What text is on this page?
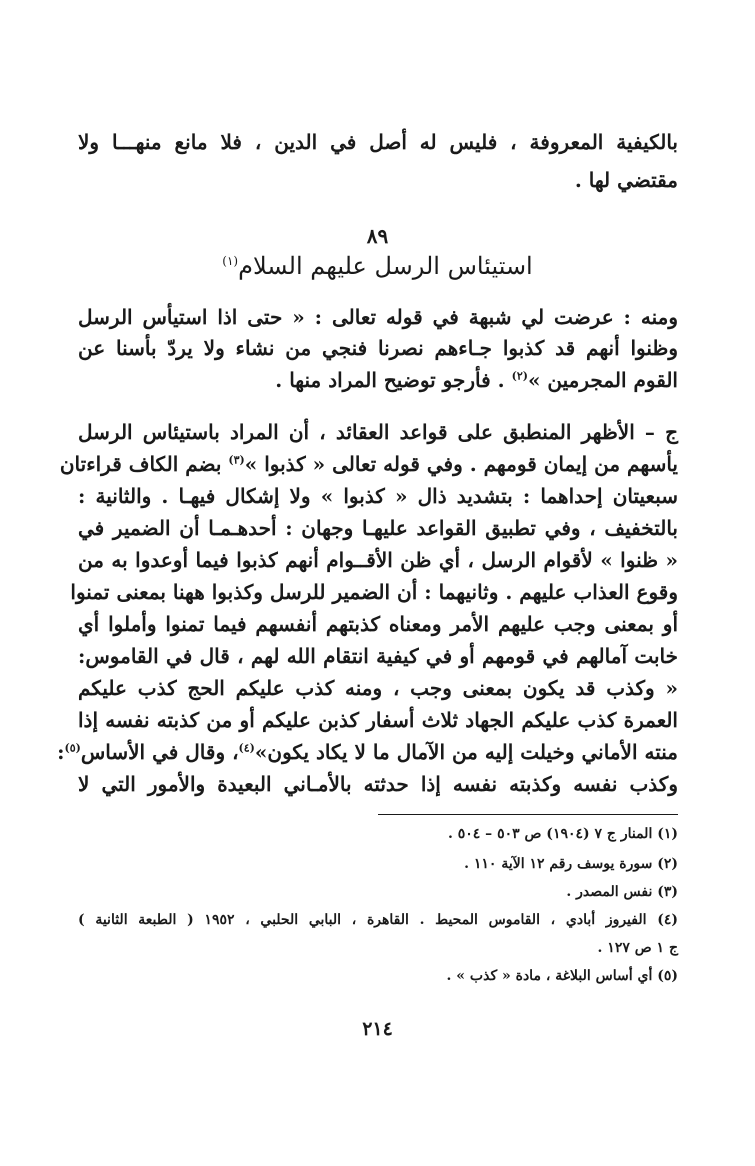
بالكيفية المعروفة ، فليس له أصل في الدين ، فلا مانع منهـــا ولا
مقتضي لها .
٨٩
استيئاس الرسل عليهم السلام$^{(١)}$
ومنه : عرضت لي شبهة في قوله تعالى : « حتى اذا استيأس الرسل
وظنوا أنهم قد كذبوا جـاءهم نصرنا فنجي من نشاء ولا يردّ بأسنا عن
القوم المجرمين »$^{(٢)}$ . فأرجو توضيح المراد منها .
ج – الأظهر المنطبق على قواعد العقائد ، أن المراد باستيئاس الرسل
يأسهم من إيمان قومهم . وفي قوله تعالى « كذبوا »$^{(٣)}$ بضم الكاف قراءتان
سبعيتان إحداهما : بتشديد ذال « كذبوا » ولا إشكال فيهـا . والثانية :
بالتخفيف ، وفي تطبيق القواعد عليهـا وجهان : أحدهـمـا أن الضمير في
« ظنوا » لأقوام الرسل ، أي ظن الأقــوام أنهم كذبوا فيما أوعدوا به من
وقوع العذاب عليهم . وثانيهما : أن الضمير للرسل وكذبوا ههنا بمعنى تمنوا
أو بمعنى وجب عليهم الأمر ومعناه كذبتهم أنفسهم فيما تمنوا وأملوا أي
خابت آمالهم في قومهم أو في كيفية انتقام الله لهم ، قال في القاموس:
« وكذب قد يكون بمعنى وجب ، ومنه كذب عليكم الحج كذب عليكم
العمرة كذب عليكم الجهاد ثلاث أسفار كذبن عليكم أو من كذبته نفسه إذا
منته الأماني وخيلت إليه من الآمال ما لا يكاد يكون»$^{(٤)}$، وقال في الأساس$^{(٥)}$:
وكذب نفسه وكذبته نفسه إذا حدثته بالأمـاني البعيدة والأمور التي لا
(١) المنار ج ٧ (١٩٠٤) ص ٥٠٣ – ٥٠٤ .
(٢) سورة يوسف رقم ١٢ الآية ١١٠ .
(٣) نفس المصدر .
(٤) الفيروز أبادي ، القاموس المحيط . القاهرة ، البابي الحلبي ، ١٩٥٢ ( الطبعة الثانية )
ج ١ ص ١٢٧ .
(٥) أي أساس البلاغة ، مادة « كذب » .
٢١٤
